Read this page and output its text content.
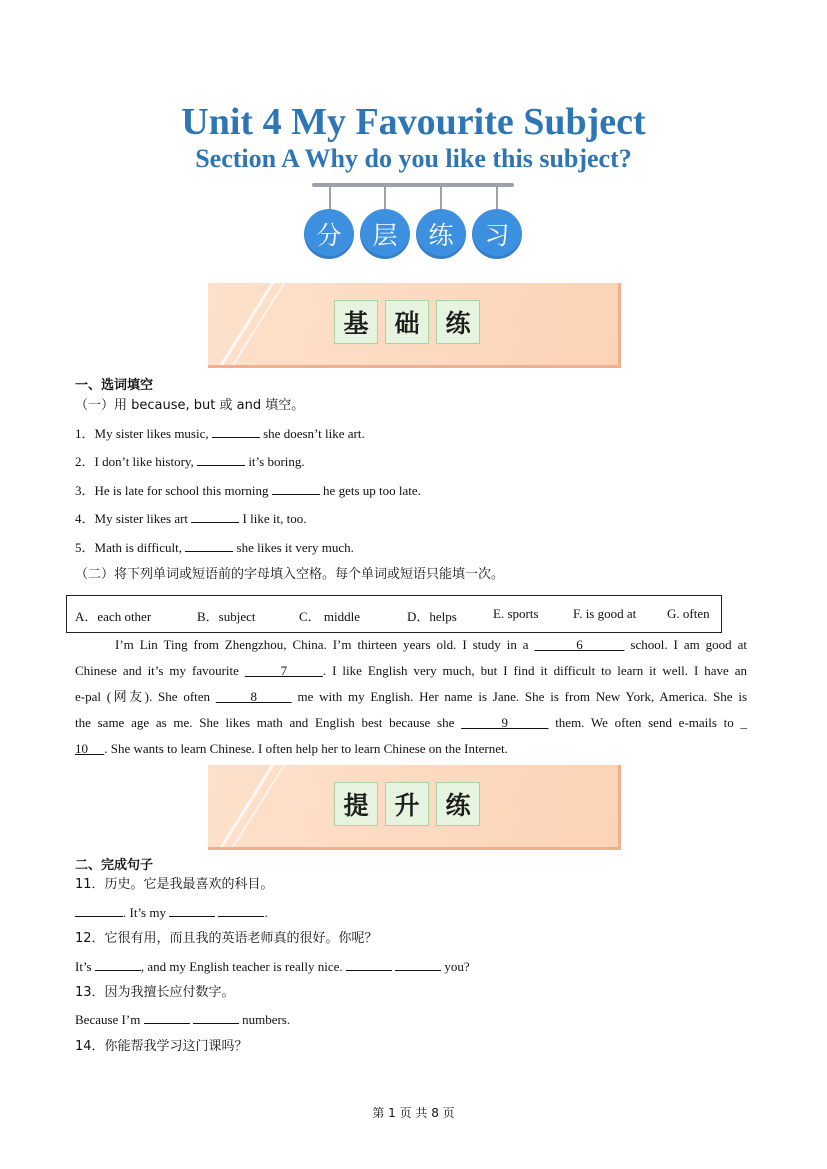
Unit 4 My Favourite Subject
Section A Why do you like this subject?
分	层	练	习
基	础	练

一、选词填空

（一）用 because, but 或 and 填空。

1．My sister likes music,	she doesn’t like art.

2．I don’t like history,	it’s boring.

3．He is late for school this morning	he gets up too late.

4．My sister likes art	I like it, too.

5．Math is difficult,	she likes it very much.

（二）将下列单词或短语前的字母填入空格。每个单词或短语只能填一次。

A．each other	B．subject	C． middle	D．helps	E. sports	F. is good at G. often
I’m Lin Ting from Zhengzhou, China. I’m thirteen years old. I study in a	6	school. I am good at
Chinese and it’s my favourite	7	. I like English very much, but I find it difficult to learn it well. I have an
e-pal (网友). She often	8	me with my English. Her name is Jane. She is from New York, America. She is
the same age as me. She likes math and English best because she	9	them. We often send e-mails to _
10 . She wants to learn Chinese. I often help her to learn Chinese on the Internet.
提	升	练

二、完成句子

11．历史。它是我最喜欢的科目。

. It’s my	.

12．它很有用，而且我的英语老师真的很好。你呢？

It’s	, and my English teacher is really nice.	you?

13．因为我擅长应付数字。

Because I’m	numbers.

14．你能帮我学习这门课吗？

第 1 页 共 8 页
